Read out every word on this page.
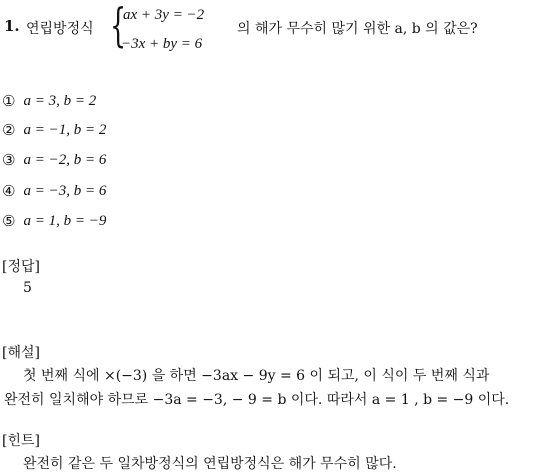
1. 연립방정식 {
ax + 3y = −2
−3x + by = 6
의 해가 무수히 많기 위한 a, b 의 값은?
① a = 3, b = 2
② a = −1, b = 2
③ a = −2, b = 6
④ a = −3, b = 6
⑤ a = 1, b = −9
[정답]
5
[해설]
첫 번째 식에 ×(−3) 을 하면 −3ax − 9y = 6 이 되고, 이 식이 두 번째 식과
완전히 일치해야 하므로 −3a = −3, − 9 = b 이다. 따라서 a = 1 , b = −9 이다.
[힌트]
완전히 같은 두 일차방정식의 연립방정식은 해가 무수히 많다.
